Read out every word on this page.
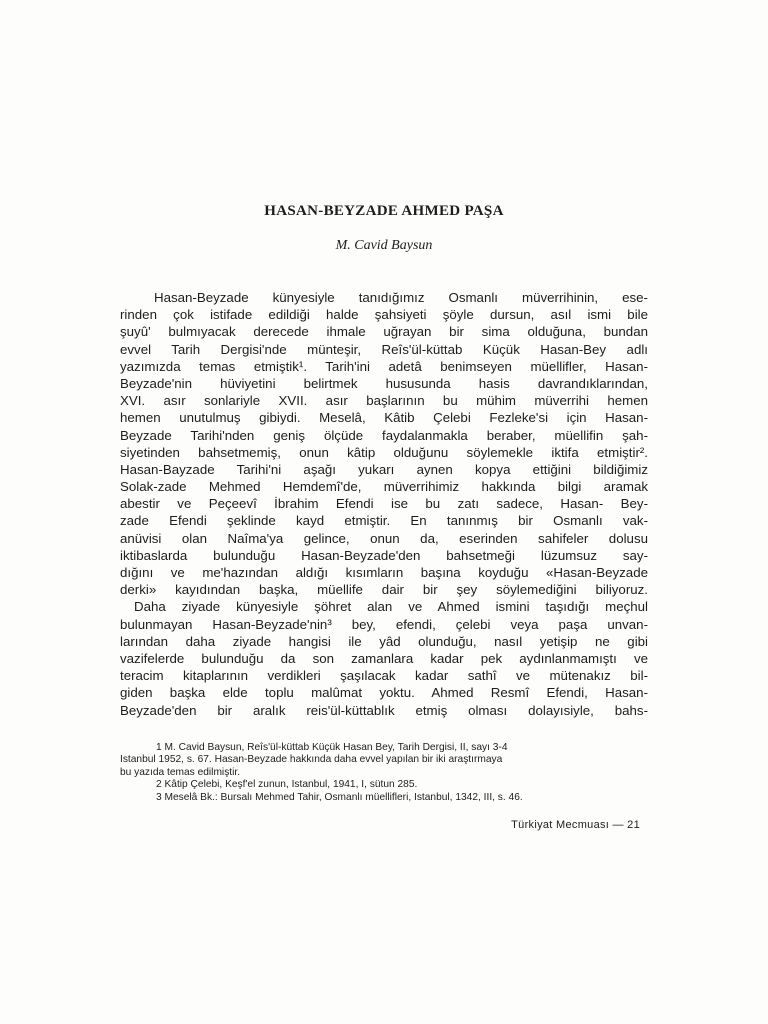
HASAN-BEYZADE AHMED PAŞA
M. Cavid Baysun
Hasan-Beyzade künyesiyle tanıdığımız Osmanlı müverrihinin, ese-
rinden çok istifade edildiği halde şahsiyeti şöyle dursun, asıl ismi bile
şuyû' bulmıyacak derecede ihmale uğrayan bir sima olduğuna, bundan
evvel Tarih Dergisi'nde münteşir, Reîs'ül-küttab Küçük Hasan-Bey adlı
yazımızda temas etmiştik¹. Tarih'ini adetâ benimseyen müellifler, Hasan-
Beyzade'nin hüviyetini belirtmek hususunda hasis davrandıklarından,
XVI. asır sonlariyle XVII. asır başlarının bu mühim müverrihi hemen
hemen unutulmuş gibiydi. Meselâ, Kâtib Çelebi Fezleke'si için Hasan-
Beyzade Tarihi'nden geniş ölçüde faydalanmakla beraber, müellifin şah-
siyetinden bahsetmemiş, onun kâtip olduğunu söylemekle iktifa etmiştir².
Hasan-Bayzade Tarihi'ni aşağı yukarı aynen kopya ettiğini bildiğimiz
Solak-zade Mehmed Hemdemî'de, müverrihimiz hakkında bilgi aramak
abestir ve Peçeevî İbrahim Efendi ise bu zatı sadece, Hasan- Bey-
zade Efendi şeklinde kayd etmiştir. En tanınmış bir Osmanlı vak-
anüvisi olan Naîma'ya gelince, onun da, eserinden sahifeler dolusu
iktibaslarda bulunduğu Hasan-Beyzade'den bahsetmeği lüzumsuz say-
dığını ve me'hazından aldığı kısımların başına koyduğu «Hasan-Beyzade
derki» kayıdından başka, müellife dair bir şey söylemediğini biliyoruz.
Daha ziyade künyesiyle şöhret alan ve Ahmed ismini taşıdığı meçhul
bulunmayan Hasan-Beyzade'nin³ bey, efendi, çelebi veya paşa unvan-
larından daha ziyade hangisi ile yâd olunduğu, nasıl yetişip ne gibi
vazifelerde bulunduğu da son zamanlara kadar pek aydınlanmamıştı ve
teracim kitaplarının verdikleri şaşılacak kadar sathî ve mütenakız bil-
giden başka elde toplu malûmat yoktu. Ahmed Resmî Efendi, Hasan-
Beyzade'den bir aralık reis'ül-küttablık etmiş olması dolayısiyle, bahs-
1 M. Cavid Baysun, Reîs'ül-küttab Küçük Hasan Bey, Tarih Dergisi, II, sayı 3-4
İstanbul 1952, s. 67. Hasan-Beyzade hakkında daha evvel yapılan bir iki araştırmaya
bu yazıda temas edilmiştir.
2 Kâtip Çelebi, Keşf'el zunun, İstanbul, 1941, I, sütun 285.
3 Meselâ Bk.: Bursalı Mehmed Tahir, Osmanlı müellifleri, İstanbul, 1342, III, s. 46.
Türkiyat Mecmuası — 21
